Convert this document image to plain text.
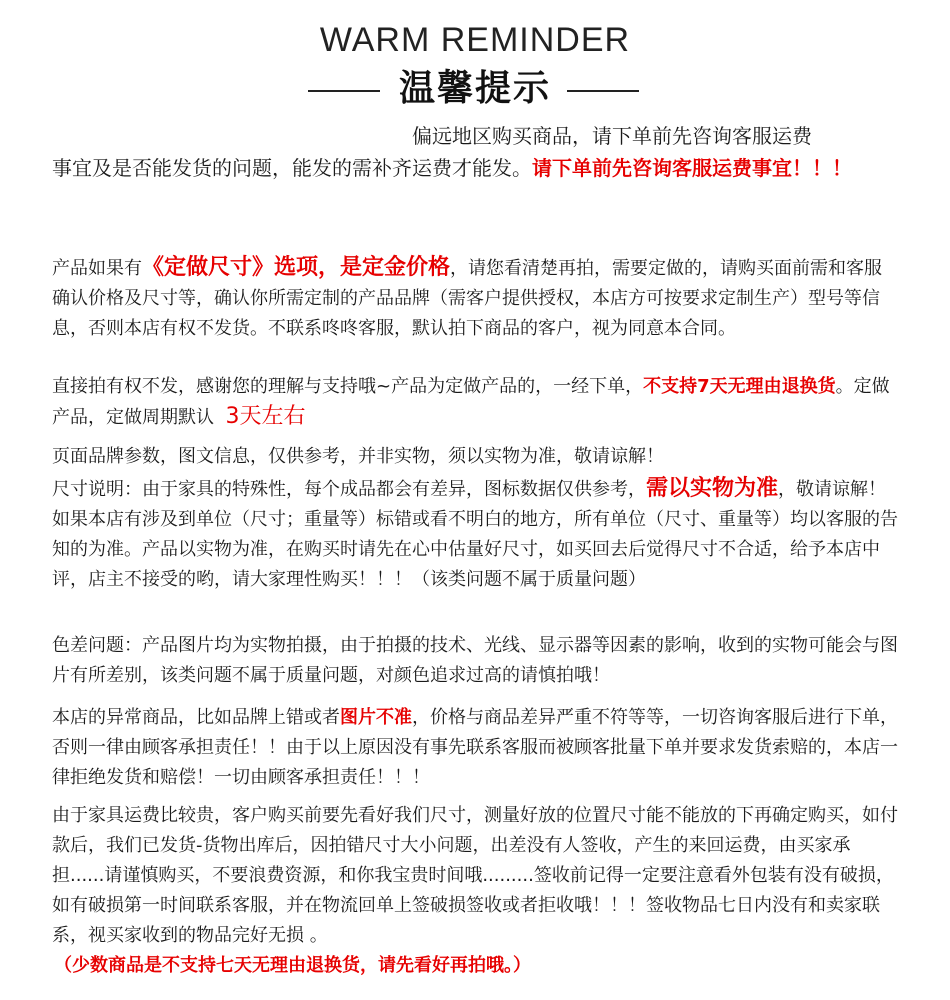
WARM REMINDER
温馨提示

偏远地区购买商品，请下单前先咨询客服运费

事宜及是否能发货的问题，能发的需补齐运费才能发。请下单前先咨询客服运费事宜！！！

产品如果有《定做尺寸》选项，是定金价格，请您看清楚再拍，需要定做的，请购买面前需和客服确认价格及尺寸等，确认你所需定制的产品品牌（需客户提供授权，本店方可按要求定制生产）型号等信息，否则本店有权不发货。不联系咚咚客服，默认拍下商品的客户，视为同意本合同。

直接拍有权不发，感谢您的理解与支持哦~产品为定做产品的，一经下单，不支持7天无理由退换货。定做产品，定做周期默认 3天左右

页面品牌参数，图文信息，仅供参考，并非实物，须以实物为准，敬请谅解！

尺寸说明：由于家具的特殊性，每个成品都会有差异，图标数据仅供参考，需以实物为准，敬请谅解！如果本店有涉及到单位（尺寸；重量等）标错或看不明白的地方，所有单位（尺寸、重量等）均以客服的告知的为准。产品以实物为准，在购买时请先在心中估量好尺寸，如买回去后觉得尺寸不合适，给予本店中评，店主不接受的哟，请大家理性购买！！！（该类问题不属于质量问题）

色差问题：产品图片均为实物拍摄，由于拍摄的技术、光线、显示器等因素的影响，收到的实物可能会与图片有所差别，该类问题不属于质量问题，对颜色追求过高的请慎拍哦！

本店的异常商品，比如品牌上错或者图片不准，价格与商品差异严重不符等等，一切咨询客服后进行下单，否则一律由顾客承担责任！！由于以上原因没有事先联系客服而被顾客批量下单并要求发货索赔的，本店一律拒绝发货和赔偿！一切由顾客承担责任！！！

由于家具运费比较贵，客户购买前要先看好我们尺寸，测量好放的位置尺寸能不能放的下再确定购买，如付款后，我们已发货-货物出库后，因拍错尺寸大小问题，出差没有人签收，产生的来回运费，由买家承担......请谨慎购买，不要浪费资源，和你我宝贵时间哦.........签收前记得一定要注意看外包装有没有破损，如有破损第一时间联系客服，并在物流回单上签破损签收或者拒收哦！！！签收物品七日内没有和卖家联系，视买家收到的物品完好无损 。

（少数商品是不支持七天无理由退换货，请先看好再拍哦。）
